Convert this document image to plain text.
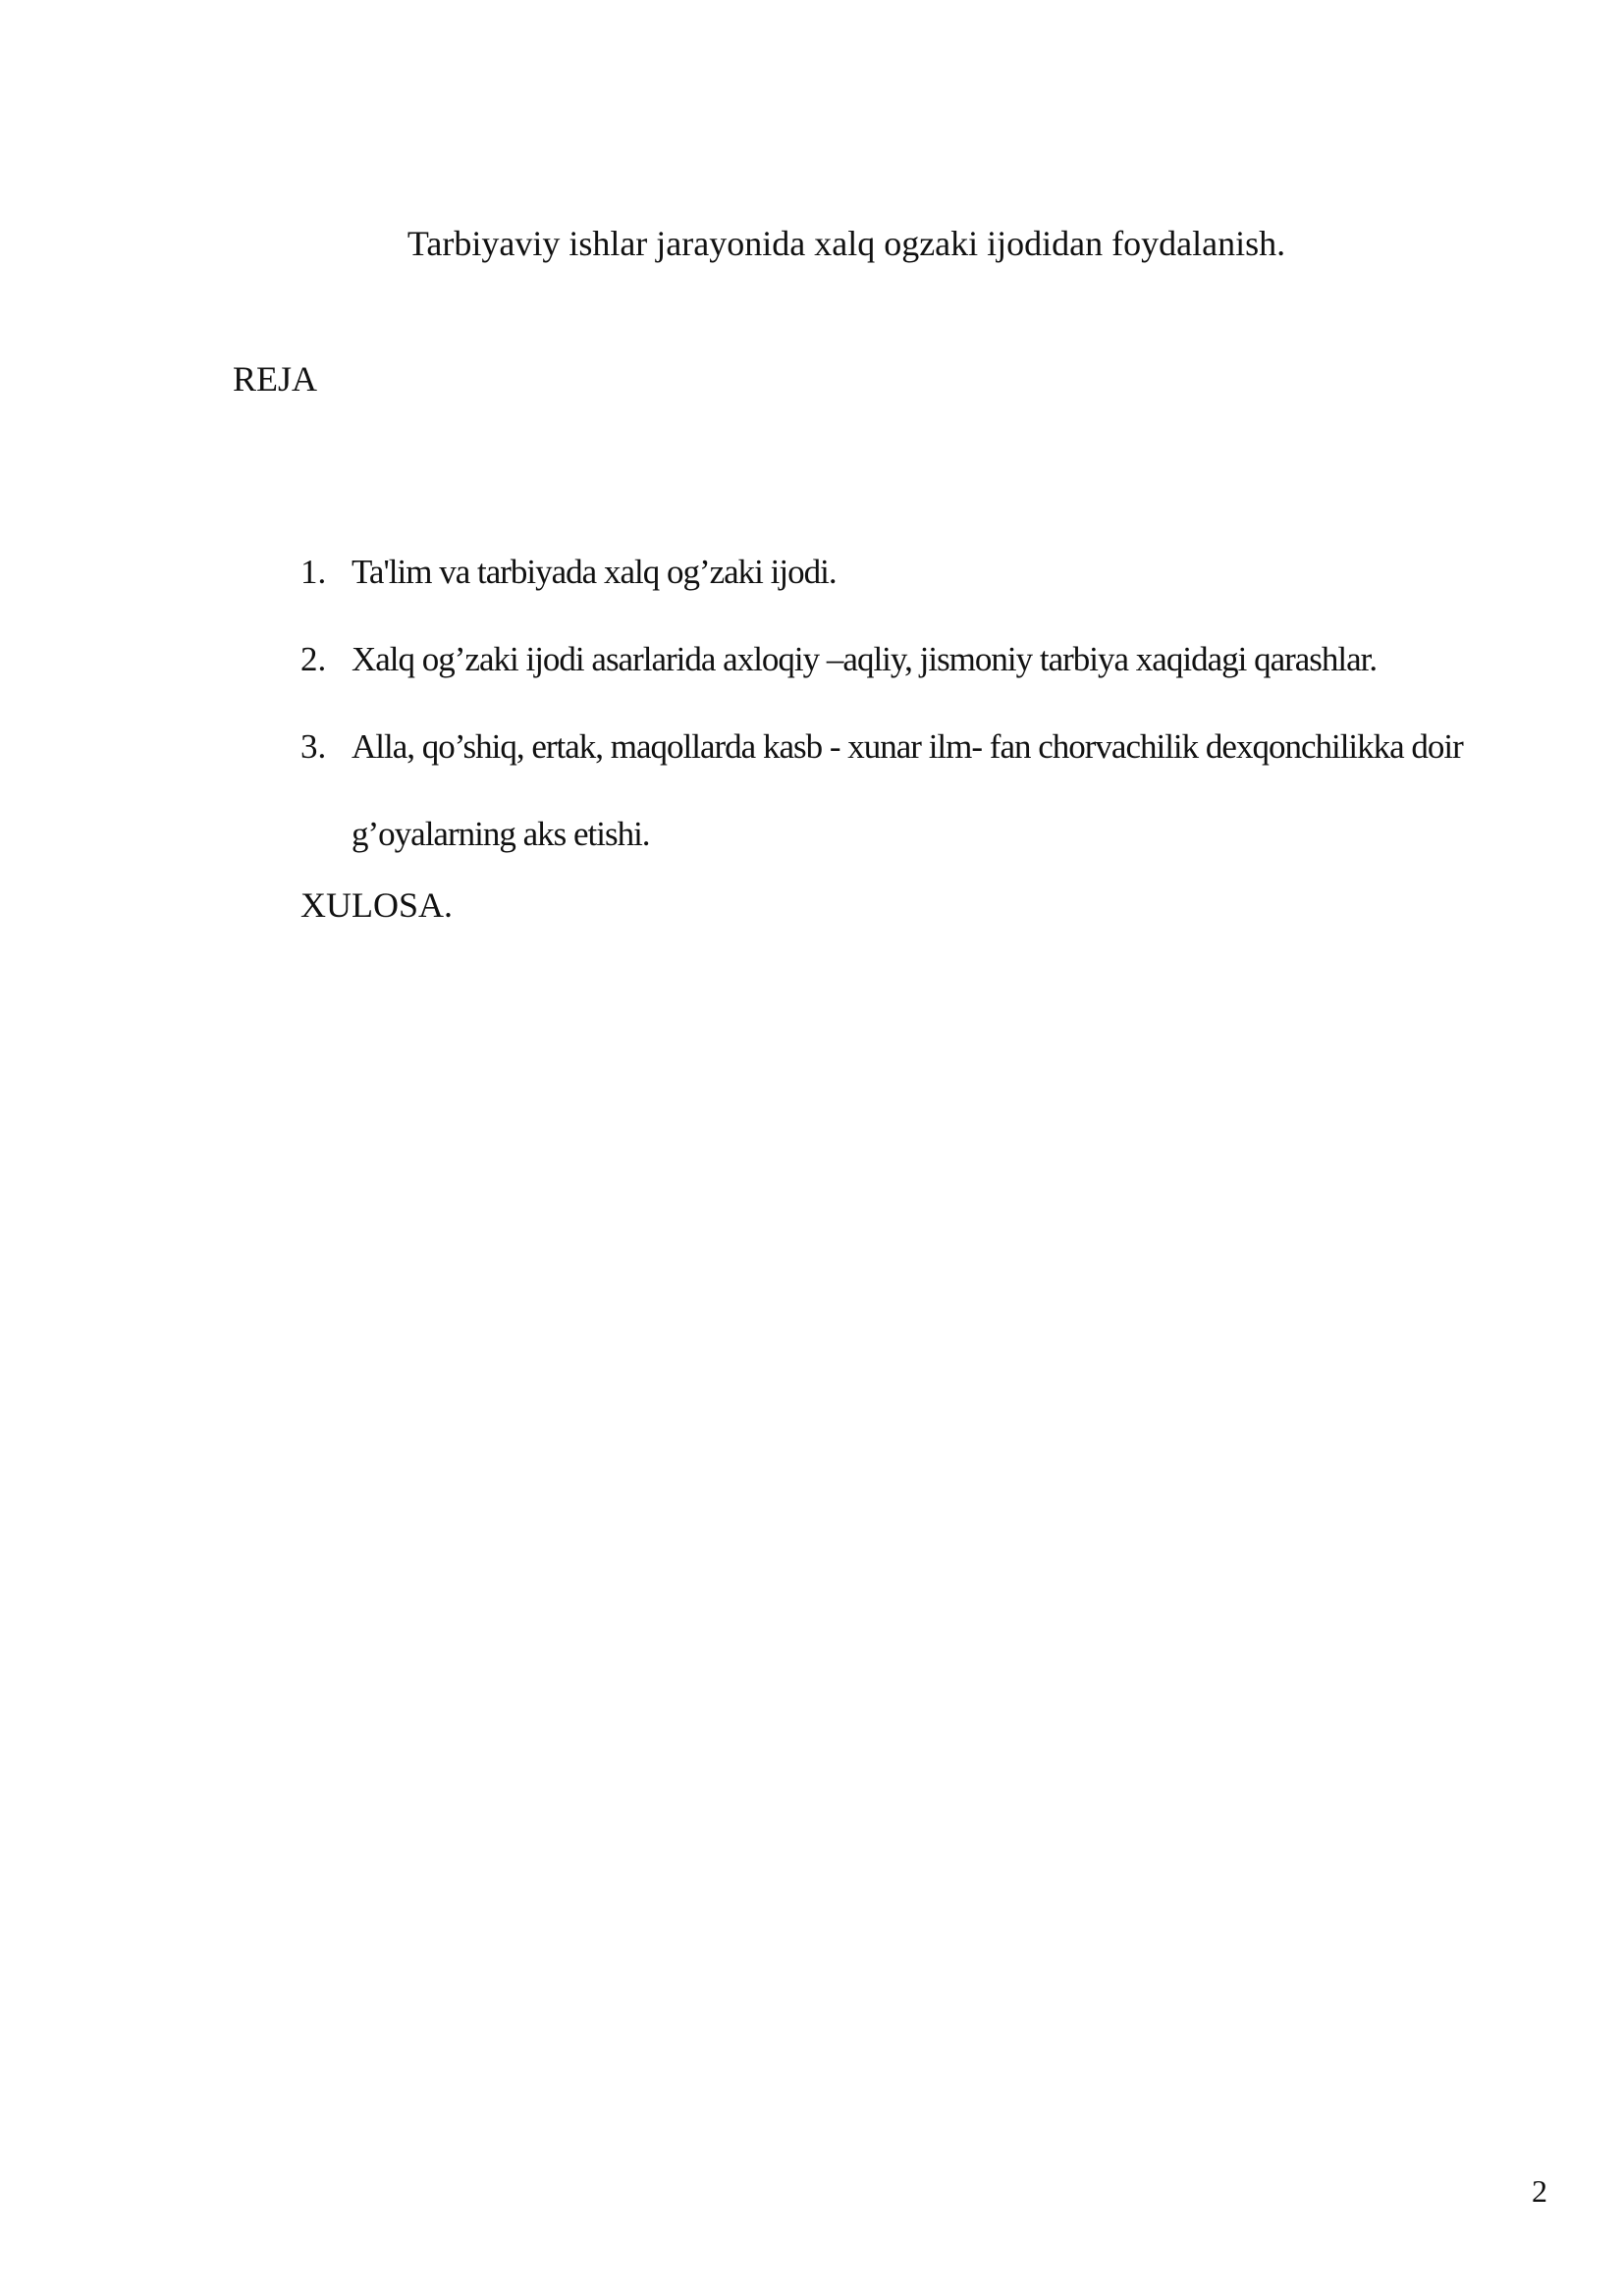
Tarbiyaviy ishlar jarayonida xalq ogzaki ijodidan foydalanish.
REJA
1. Ta'lim va tarbiyada xalq og’zaki ijodi.
2. Xalq og’zaki ijodi asarlarida axloqiy –aqliy, jismoniy tarbiya xaqidagi qarashlar.
3. Alla, qo’shiq, ertak, maqollarda kasb - xunar ilm- fan chorvachilik dexqonchilikka doir g’oyalarning aks etishi.
XULOSA.
2
